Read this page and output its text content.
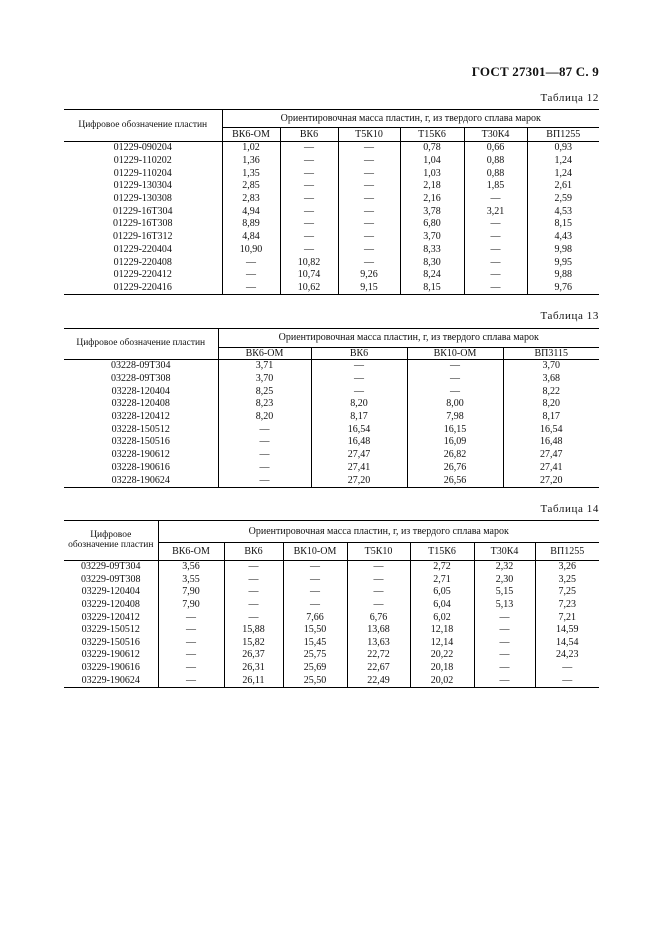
ГОСТ 27301—87 С. 9
Таблица 12
Цифровое обозначение пластин	Ориентировочная масса пластин, г, из твердого сплава марок					
	ВК6-ОМ	ВК6	Т5К10	Т15К6	Т30К4	ВП1255
01229-090204	1,02	—	—	0,78	0,66	0,93
01229-110202	1,36	—	—	1,04	0,88	1,24
01229-110204	1,35	—	—	1,03	0,88	1,24
01229-130304	2,85	—	—	2,18	1,85	2,61
01229-130308	2,83	—	—	2,16	—	2,59
01229-16T304	4,94	—	—	3,78	3,21	4,53
01229-16T308	8,89	—	—	6,80	—	8,15
01229-16T312	4,84	—	—	3,70	—	4,43
01229-220404	10,90	—	—	8,33	—	9,98
01229-220408	—	10,82	—	8,30	—	9,95
01229-220412	—	10,74	9,26	8,24	—	9,88
01229-220416	—	10,62	9,15	8,15	—	9,76
Таблица 13
Цифровое обозначение пластин	Ориентировочная масса пластин, г, из твердого сплава марок			
	ВК6-ОМ	ВК6	ВК10-ОМ	ВП3115
03228-09T304	3,71	—	—	3,70
03228-09T308	3,70	—	—	3,68
03228-120404	8,25	—	—	8,22
03228-120408	8,23	8,20	8,00	8,20
03228-120412	8,20	8,17	7,98	8,17
03228-150512	—	16,54	16,15	16,54
03228-150516	—	16,48	16,09	16,48
03228-190612	—	27,47	26,82	27,47
03228-190616	—	27,41	26,76	27,41
03228-190624	—	27,20	26,56	27,20
Таблица 14
Цифровое обозначение пластин	Ориентировочная масса пластин, г, из твердого сплава марок						
	ВК6-ОМ	ВК6	ВК10-ОМ	Т5К10	Т15К6	Т30К4	ВП1255
03229-09T304	3,56	—	—	—	2,72	2,32	3,26
03229-09T308	3,55	—	—	—	2,71	2,30	3,25
03229-120404	7,90	—	—	—	6,05	5,15	7,25
03229-120408	7,90	—	—	—	6,04	5,13	7,23
03229-120412	—	—	7,66	6,76	6,02	—	7,21
03229-150512	—	15,88	15,50	13,68	12,18	—	14,59
03229-150516	—	15,82	15,45	13,63	12,14	—	14,54
03229-190612	—	26,37	25,75	22,72	20,22	—	24,23
03229-190616	—	26,31	25,69	22,67	20,18	—	—
03229-190624	—	26,11	25,50	22,49	20,02	—	—
